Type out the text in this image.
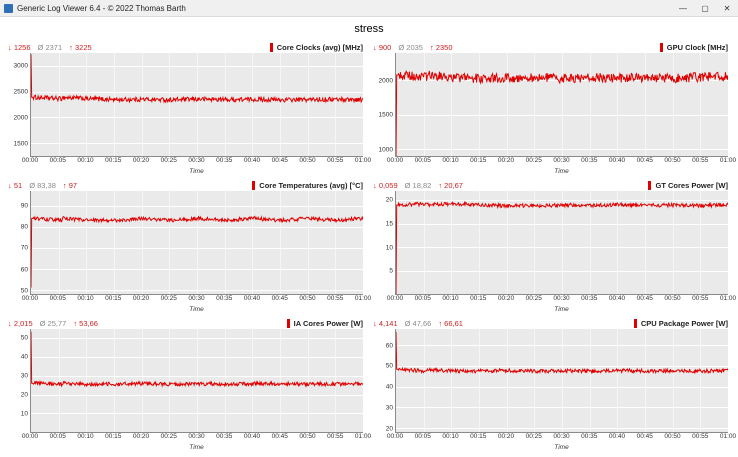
Generic Log Viewer 6.4 - © 2022 Thomas Barth	—	▢	✕
stress
↓ 1256 Ø 2371 ↑ 3225	Core Clocks (avg) [MHz]
1500
2000
2500
3000
00:00 00:05 00:10 00:15 00:20 00:25 00:30 00:35 00:40 00:45 00:50 00:55 01:00
Time
↓ 900 Ø 2035 ↑ 2350	GPU Clock [MHz]
1000
1500
2000
00:00 00:05 00:10 00:15 00:20 00:25 00:30 00:35 00:40 00:45 00:50 00:55 01:00
Time
↓ 51 Ø 83,38 ↑ 97	Core Temperatures (avg) [°C]
50
60
70
80
90
00:00 00:05 00:10 00:15 00:20 00:25 00:30 00:35 00:40 00:45 00:50 00:55 01:00
Time
↓ 0,059 Ø 18,82 ↑ 20,67	GT Cores Power [W]
5
10
15
20
00:00 00:05 00:10 00:15 00:20 00:25 00:30 00:35 00:40 00:45 00:50 00:55 01:00
Time
↓ 2,015 Ø 25,77 ↑ 53,66	IA Cores Power [W]
10
20
30
40
50
00:00 00:05 00:10 00:15 00:20 00:25 00:30 00:35 00:40 00:45 00:50 00:55 01:00
Time
↓ 4,141 Ø 47,66 ↑ 66,61	CPU Package Power [W]
20
30
40
50
60
00:00 00:05 00:10 00:15 00:20 00:25 00:30 00:35 00:40 00:45 00:50 00:55 01:00
Time
